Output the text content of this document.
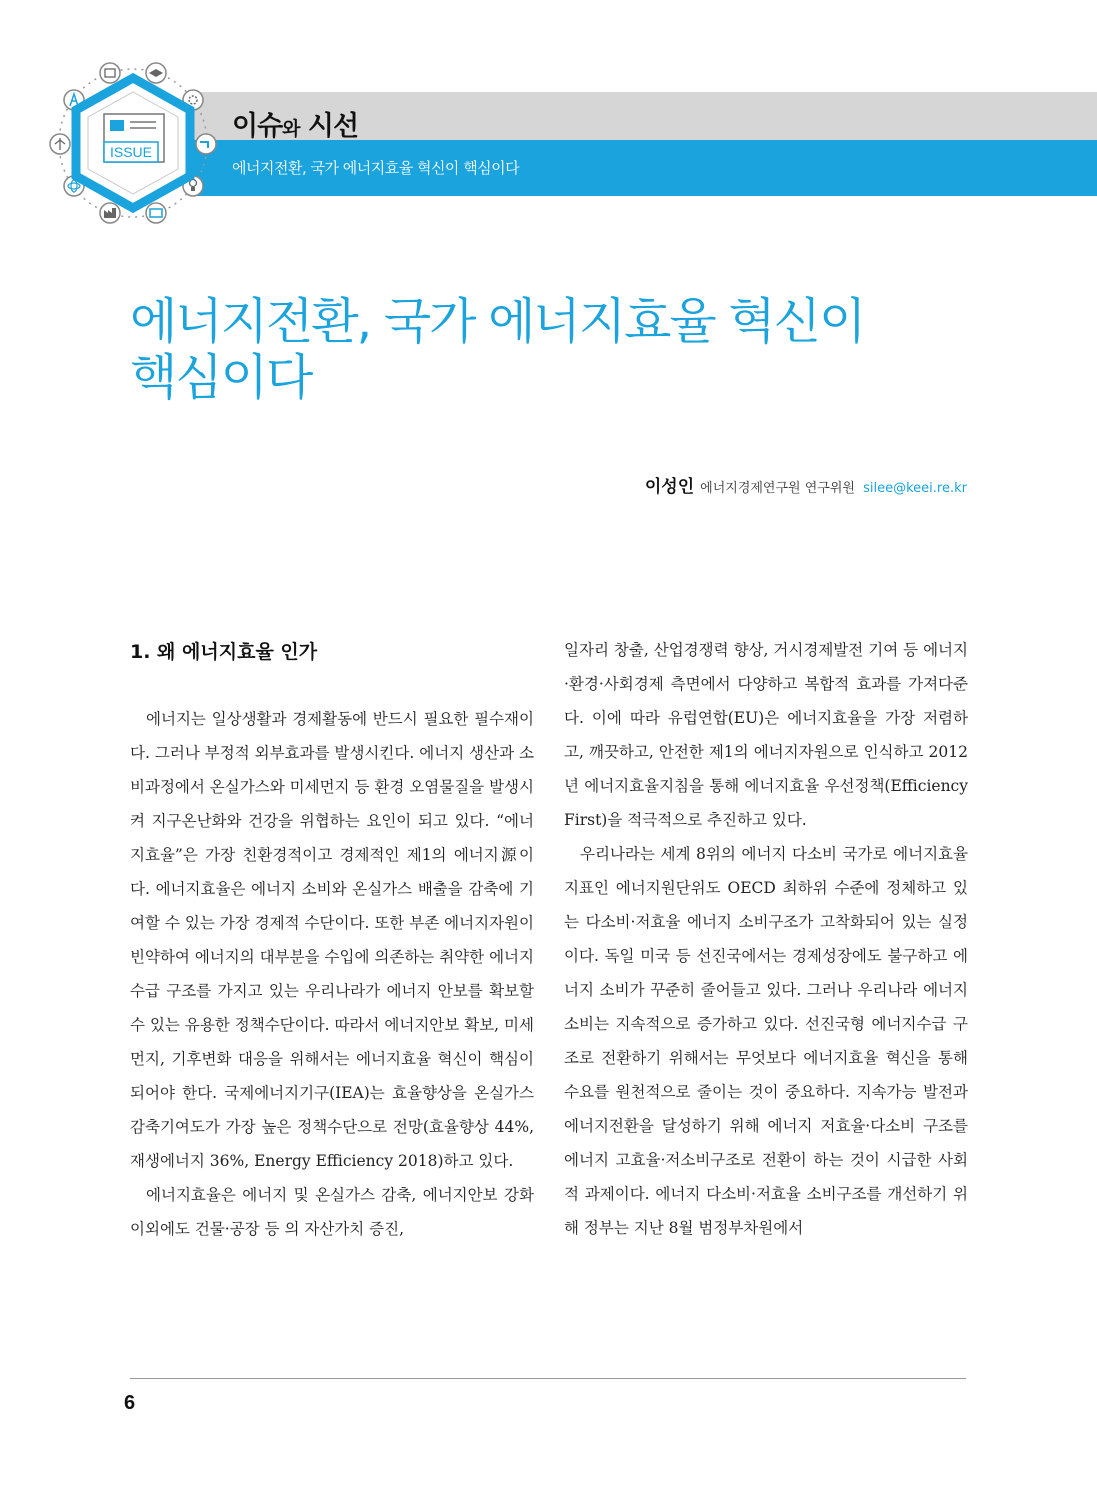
ISSUE
이슈와 시선
에너지전환, 국가 에너지효율 혁신이 핵심이다
에너지전환, 국가 에너지효율 혁신이
핵심이다
이성인 에너지경제연구원 연구위원 silee@keei.re.kr
1. 왜 에너지효율 인가

에너지는 일상생활과 경제활동에 반드시 필요한 필수재이다. 그러나 부정적 외부효과를 발생시킨다. 에너지 생산과 소비과정에서 온실가스와 미세먼지 등 환경 오염물질을 발생시켜 지구온난화와 건강을 위협하는 요인이 되고 있다. “에너지효율”은 가장 친환경적이고 경제적인 제1의 에너지源이다. 에너지효율은 에너지 소비와 온실가스 배출을 감축에 기여할 수 있는 가장 경제적 수단이다. 또한 부존 에너지자원이 빈약하여 에너지의 대부분을 수입에 의존하는 취약한 에너지수급 구조를 가지고 있는 우리나라가 에너지 안보를 확보할 수 있는 유용한 정책수단이다. 따라서 에너지안보 확보, 미세먼지, 기후변화 대응을 위해서는 에너지효율 혁신이 핵심이 되어야 한다. 국제에너지기구(IEA)는 효율향상을 온실가스 감축기여도가 가장 높은 정책수단으로 전망(효율향상 44%, 재생에너지 36%, Energy Efficiency 2018)하고 있다.

에너지효율은 에너지 및 온실가스 감축, 에너지안보 강화 이외에도 건물·공장 등 의 자산가치 증진,

일자리 창출, 산업경쟁력 향상, 거시경제발전 기여 등 에너지·환경·사회경제 측면에서 다양하고 복합적 효과를 가져다준다. 이에 따라 유럽연합(EU)은 에너지효율을 가장 저렴하고, 깨끗하고, 안전한 제1의 에너지자원으로 인식하고 2012년 에너지효율지침을 통해 에너지효율 우선정책(Efficiency First)을 적극적으로 추진하고 있다.

우리나라는 세계 8위의 에너지 다소비 국가로 에너지효율 지표인 에너지원단위도 OECD 최하위 수준에 정체하고 있는 다소비·저효율 에너지 소비구조가 고착화되어 있는 실정이다. 독일 미국 등 선진국에서는 경제성장에도 불구하고 에너지 소비가 꾸준히 줄어들고 있다. 그러나 우리나라 에너지 소비는 지속적으로 증가하고 있다. 선진국형 에너지수급 구조로 전환하기 위해서는 무엇보다 에너지효율 혁신을 통해 수요를 원천적으로 줄이는 것이 중요하다. 지속가능 발전과 에너지전환을 달성하기 위해 에너지 저효율·다소비 구조를 에너지 고효율·저소비구조로 전환이 하는 것이 시급한 사회적 과제이다. 에너지 다소비·저효율 소비구조를 개선하기 위해 정부는 지난 8월 범정부차원에서

6
